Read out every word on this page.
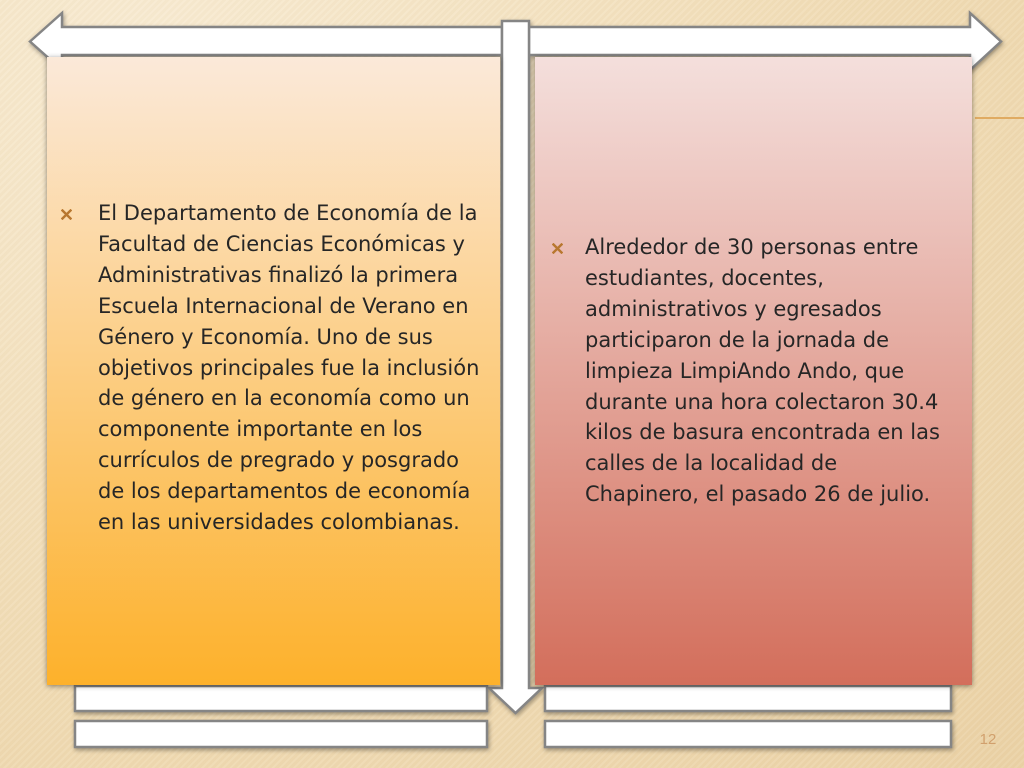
El Departamento de Economía de la
Facultad de Ciencias Económicas y
Administrativas finalizó la primera
Escuela Internacional de Verano en
Género y Economía. Uno de sus
objetivos principales fue la inclusión
de género en la economía como un
componente importante en los
currículos de pregrado y posgrado
de los departamentos de economía
en las universidades colombianas.
Alrededor de 30 personas entre
estudiantes, docentes,
administrativos y egresados
participaron de la jornada de
limpieza LimpiAndo Ando, que
durante una hora colectaron 30.4
kilos de basura encontrada en las
calles de la localidad de
Chapinero, el pasado 26 de julio.
12
